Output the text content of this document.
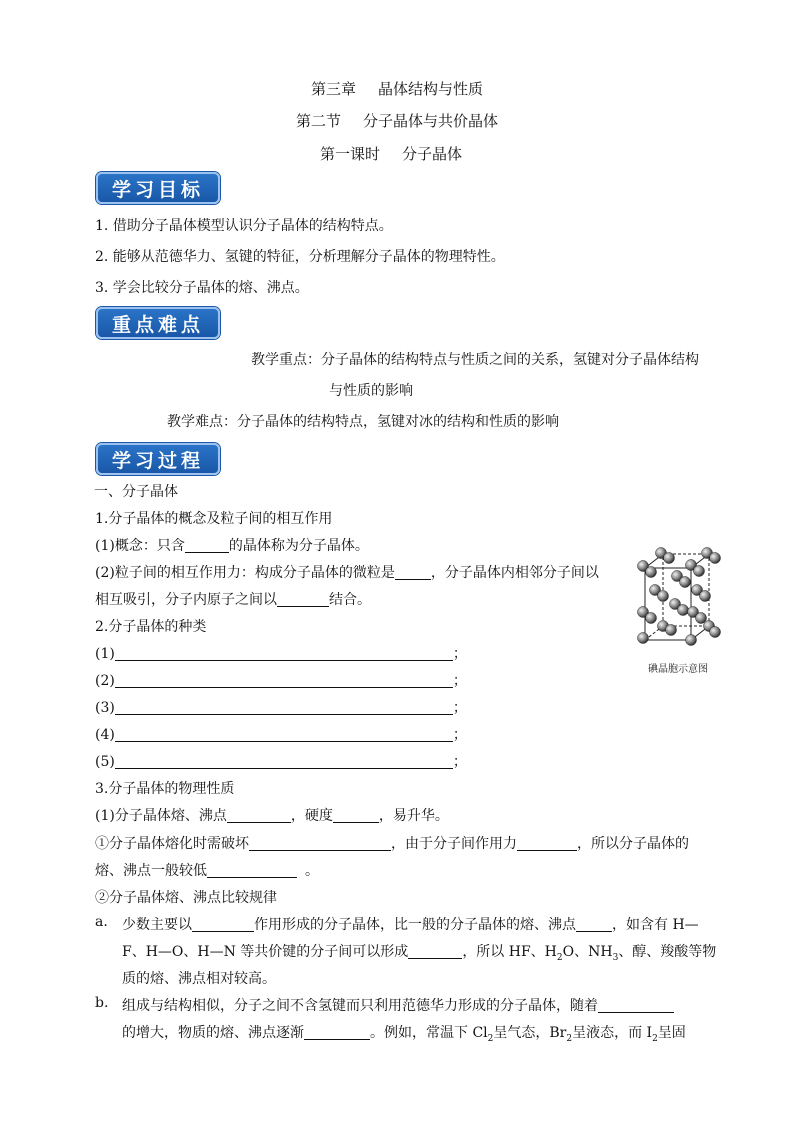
第三章 晶体结构与性质
第二节 分子晶体与共价晶体
第一课时 分子晶体
学习目标
1. 借助分子晶体模型认识分子晶体的结构特点。
2. 能够从范德华力、氢键的特征，分析理解分子晶体的物理特性。
3. 学会比较分子晶体的熔、沸点。
重点难点
教学重点：分子晶体的结构特点与性质之间的关系，氢键对分子晶体结构
与性质的影响
教学难点：分子晶体的结构特点，氢键对冰的结构和性质的影响
学习过程
一、分子晶体
1.分子晶体的概念及粒子间的相互作用
(1)概念：只含	的晶体称为分子晶体。
(2)粒子间的相互作用力：构成分子晶体的微粒是	，分子晶体内相邻分子间以
相互吸引，分子内原子之间以	结合。
碘晶胞示意图
2.分子晶体的种类
(1)	；
(2)	；
(3)	；
(4)	；
(5)	；
3.分子晶体的物理性质
(1)分子晶体熔、沸点	，硬度	，易升华。
①分子晶体熔化时需破坏	，由于分子间作用力	，所以分子晶体的
熔、沸点一般较低	。
②分子晶体熔、沸点比较规律
a. 少数主要以	作用形成的分子晶体，比一般的分子晶体的熔、沸点	，如含有 H—
F、H—O、H—N 等共价键的分子间可以形成	，所以 HF、$H_2O$、$NH_3$、醇、羧酸等物
质的熔、沸点相对较高。
b. 组成与结构相似，分子之间不含氢键而只利用范德华力形成的分子晶体，随着
的增大，物质的熔、沸点逐渐	。例如，常温下 $Cl_2$呈气态，$Br_2$呈液态，而 $I_2$呈固
